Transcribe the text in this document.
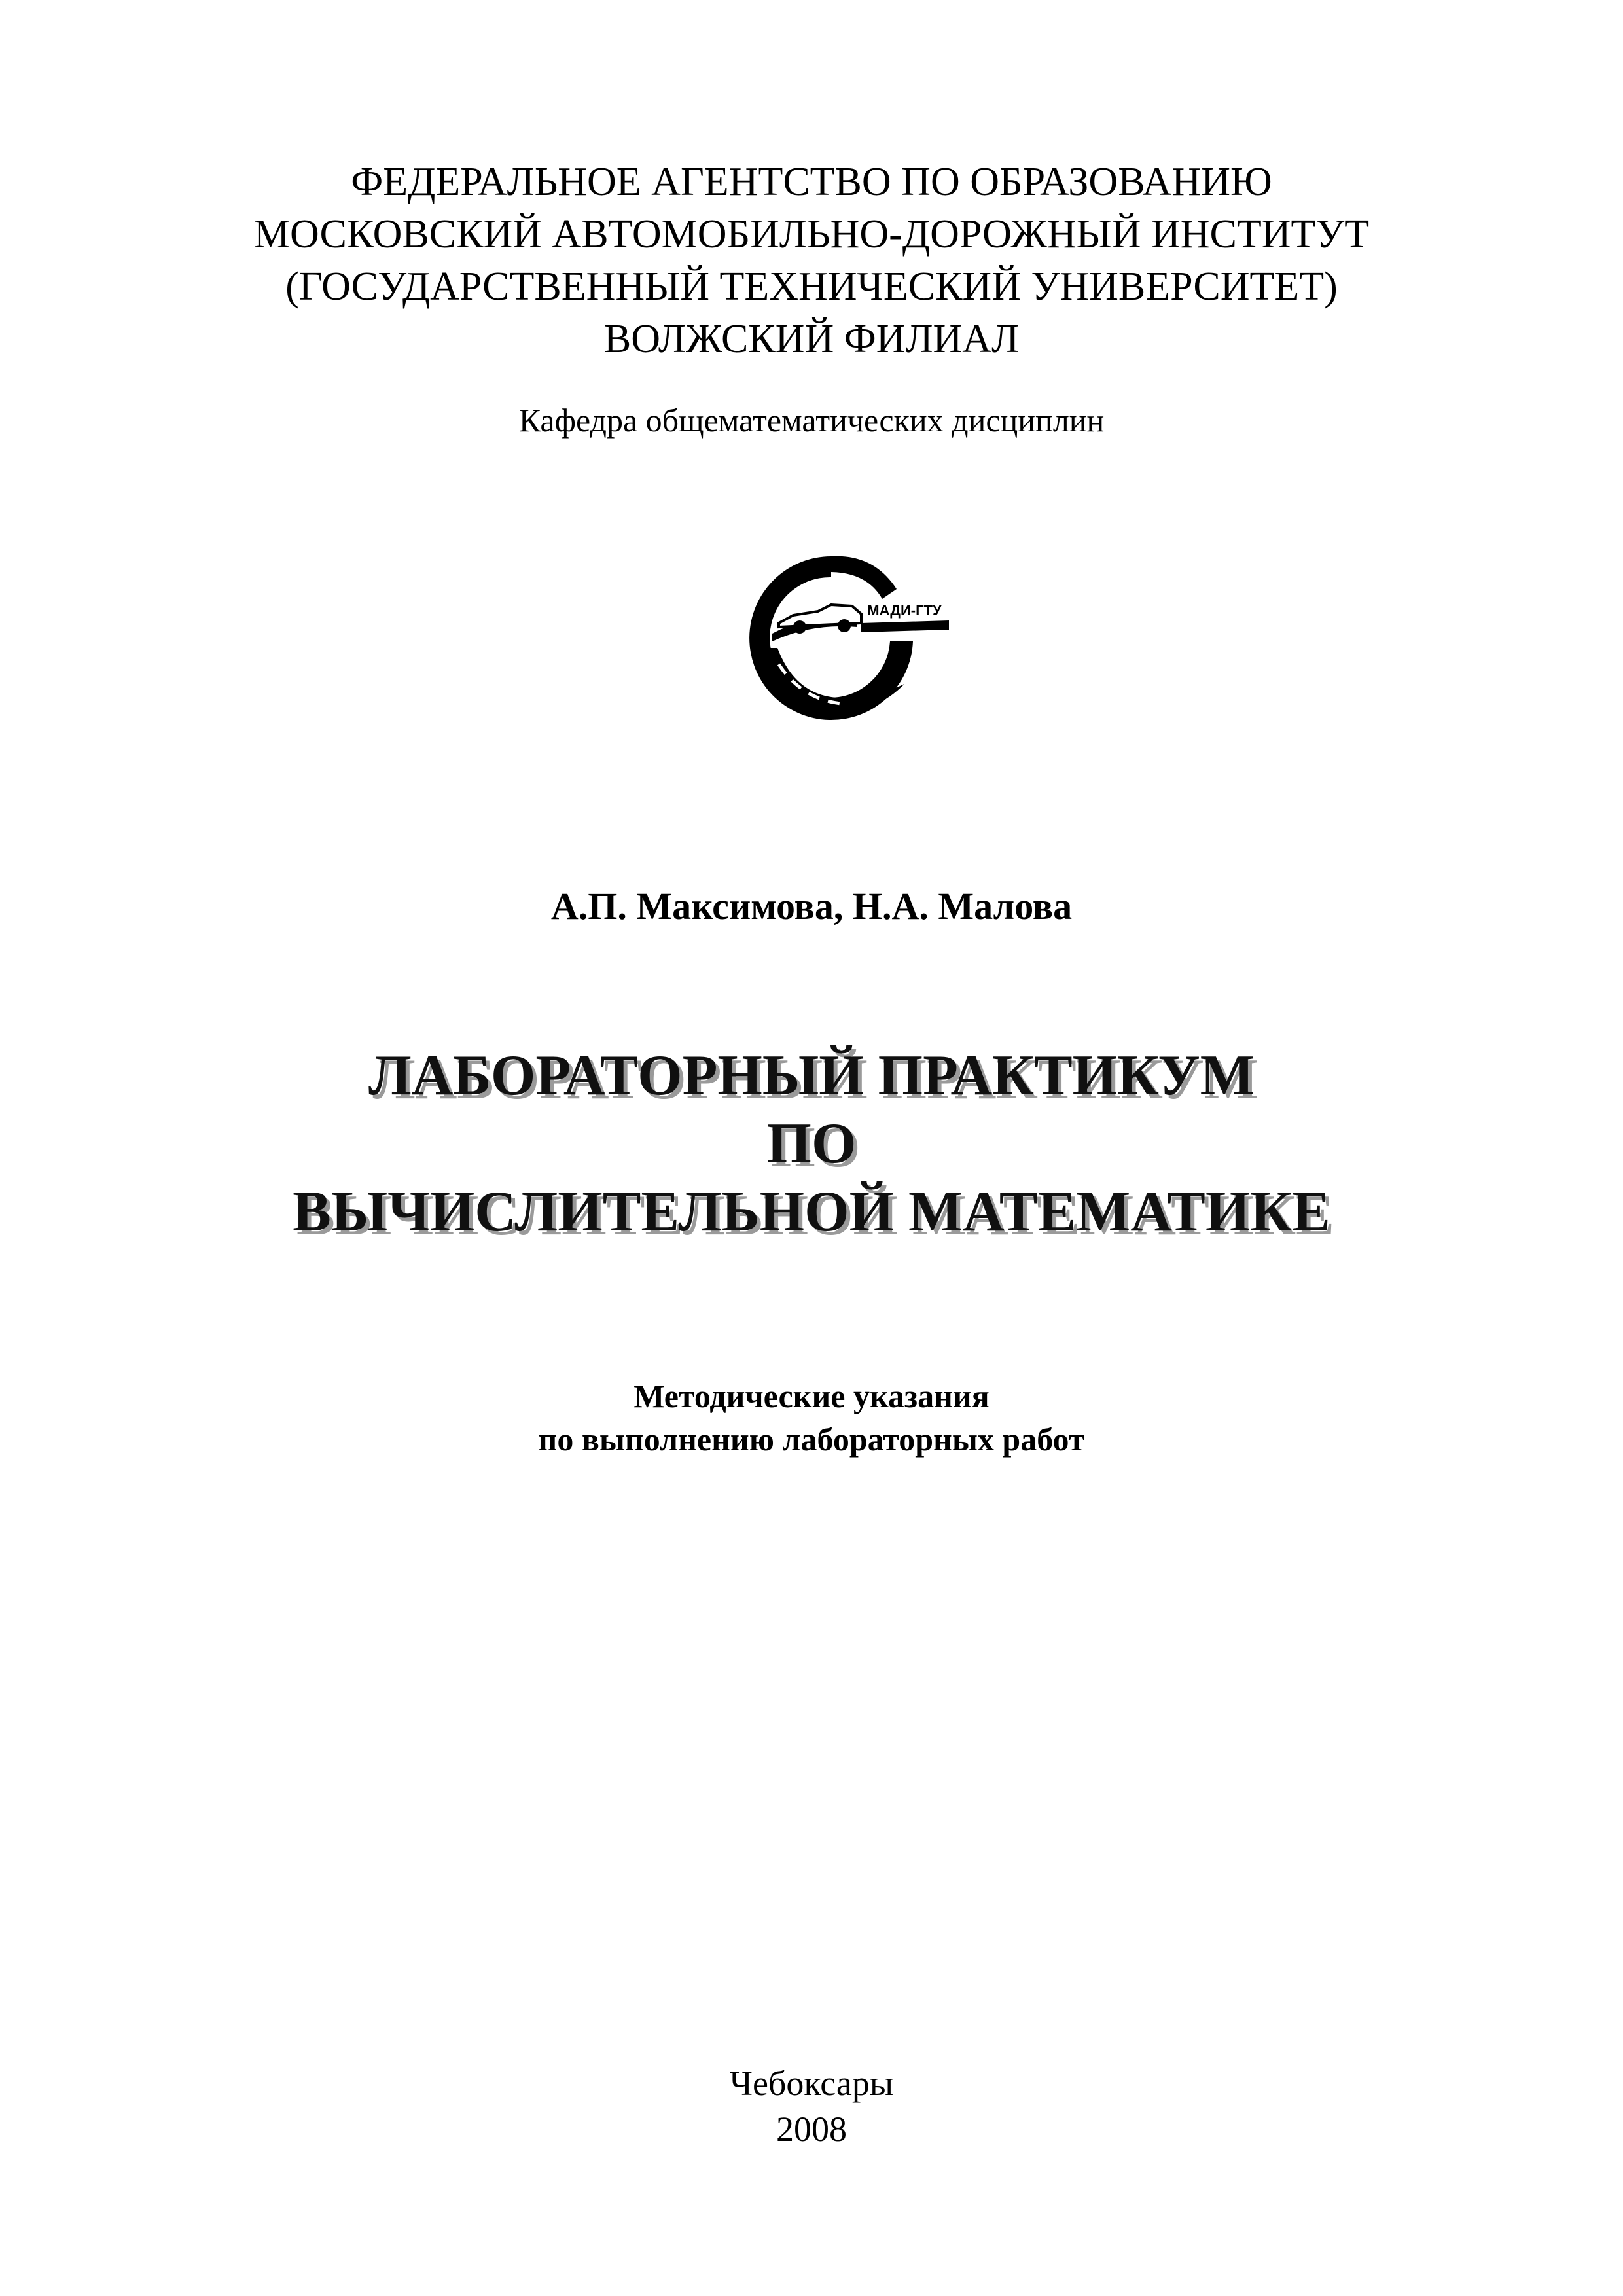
ФЕДЕРАЛЬНОЕ АГЕНТСТВО ПО ОБРАЗОВАНИЮ
МОСКОВСКИЙ АВТОМОБИЛЬНО-ДОРОЖНЫЙ ИНСТИТУТ
(ГОСУДАРСТВЕННЫЙ ТЕХНИЧЕСКИЙ УНИВЕРСИТЕТ)
ВОЛЖСКИЙ ФИЛИАЛ
Кафедра общематематических дисциплин
МАДИ-ГТУ
А.П. Максимова, Н.А. Малова
ЛАБОРАТОРНЫЙ ПРАКТИКУМ
ПО
ВЫЧИСЛИТЕЛЬНОЙ МАТЕМАТИКЕ
Методические указания
по выполнению лабораторных работ
Чебоксары
2008
